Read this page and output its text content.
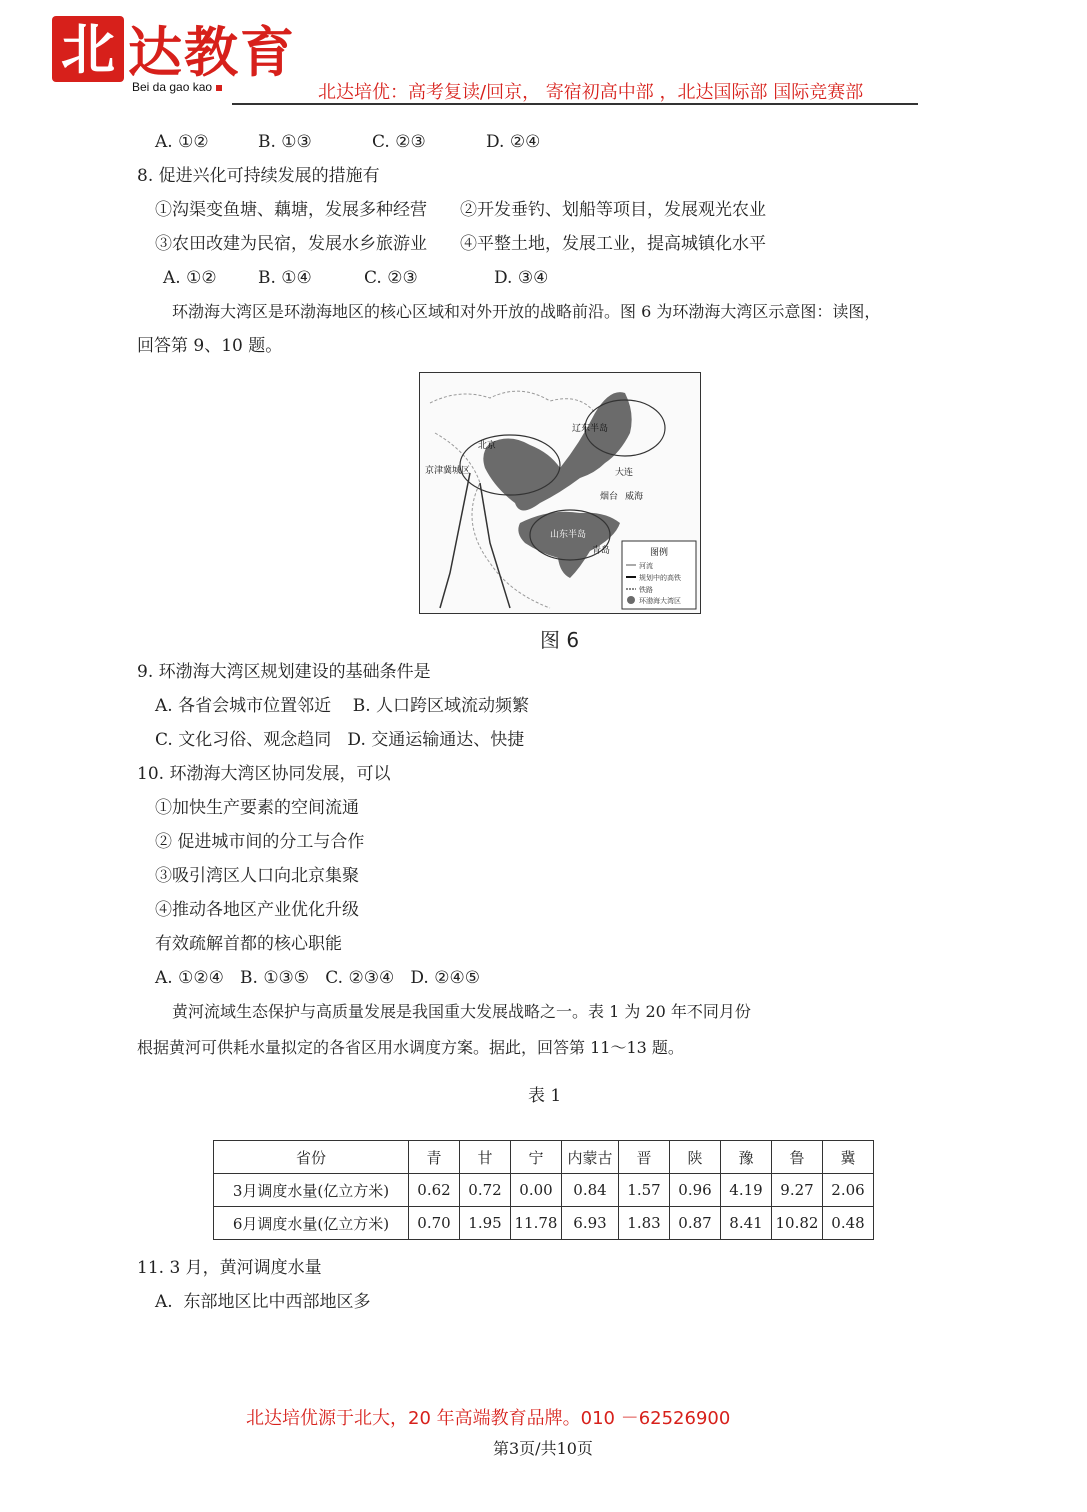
北 达教育
Bei da gao kao	北达培优：高考复读/回京， 寄宿初高中部 ，北达国际部 国际竞赛部
A. ①②	B. ①③	C. ②③	D. ②④
8. 促进兴化可持续发展的措施有
①沟渠变鱼塘、藕塘，发展多种经营 ②开发垂钓、划船等项目，发展观光农业
③农田改建为民宿，发展水乡旅游业 ④平整土地，发展工业，提高城镇化水平
A. ①② B. ①④	C. ②③	D. ③④
环渤海大湾区是环渤海地区的核心区域和对外开放的战略前沿。图 6 为环渤海大湾区示意图：读图，
回答第 9、10 题。
辽东半岛
京津冀城区
北京
大连
烟台 威海
山东半岛
青岛	图例
河流
规划中的高铁
铁路
环渤海大湾区
图 6
9. 环渤海大湾区规划建设的基础条件是
A. 各省会城市位置邻近    B. 人口跨区域流动频繁
C. 文化习俗、观念趋同   D. 交通运输通达、快捷
10. 环渤海大湾区协同发展，可以
①加快生产要素的空间流通
② 促进城市间的分工与合作
③吸引湾区人口向北京集聚
④推动各地区产业优化升级
有效疏解首都的核心职能
A. ①②④   B. ①③⑤   C. ②③④   D. ②④⑤
黄河流域生态保护与高质量发展是我国重大发展战略之一。表 1 为 20 年不同月份
根据黄河可供耗水量拟定的各省区用水调度方案。据此，回答第 11～13 题。
表 1
省份	青	甘	宁	内蒙古	晋	陕	豫	鲁	冀
3月调度水量(亿立方米)	0.62	0.72	0.00	0.84	1.57	0.96	4.19	9.27	2.06
6月调度水量(亿立方米)	0.70	1.95	11.78	6.93	1.83	0.87	8.41	10.82	0.48
11. 3 月，黄河调度水量
A.  东部地区比中西部地区多
北达培优源于北大，20 年高端教育品牌。010 －62526900
第3页/共10页
